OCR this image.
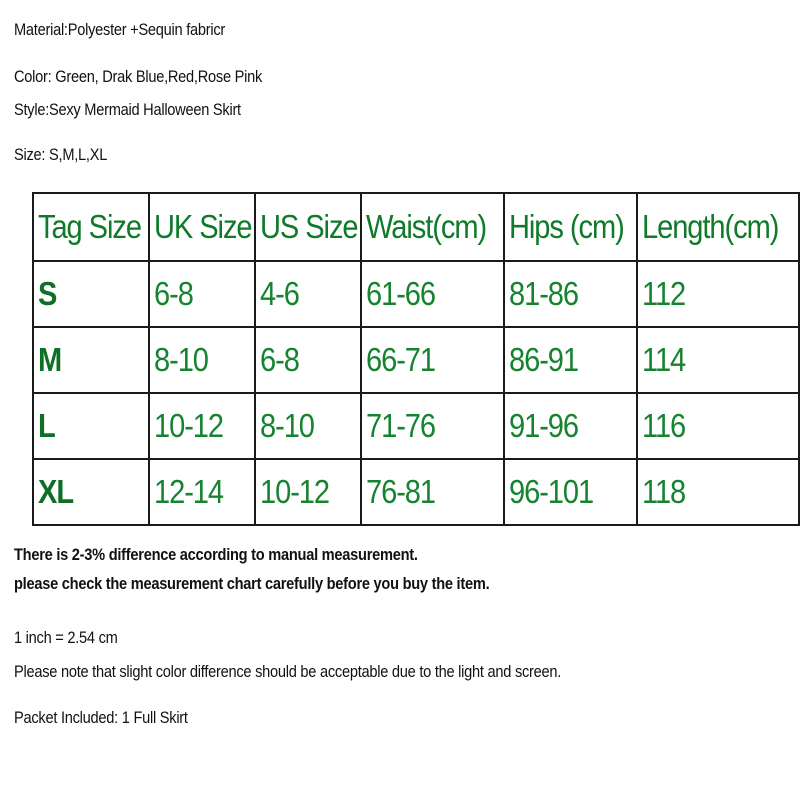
Material:Polyester +Sequin fabricr
Color: Green, Drak Blue,Red,Rose Pink
Style:Sexy Mermaid Halloween Skirt
Size: S,M,L,XL
Tag Size	UK Size	US Size	Waist(cm)	Hips (cm)	Length(cm)
S	6-8	4-6	61-66	81-86	112
M	8-10	6-8	66-71	86-91	114
L	10-12	8-10	71-76	91-96	116
XL	12-14	10-12	76-81	96-101	118
There is 2-3% difference according to manual measurement.
please check the measurement chart carefully before you buy the item.
1 inch = 2.54 cm
Please note that slight color difference should be acceptable due to the light and screen.
Packet Included: 1 Full Skirt
